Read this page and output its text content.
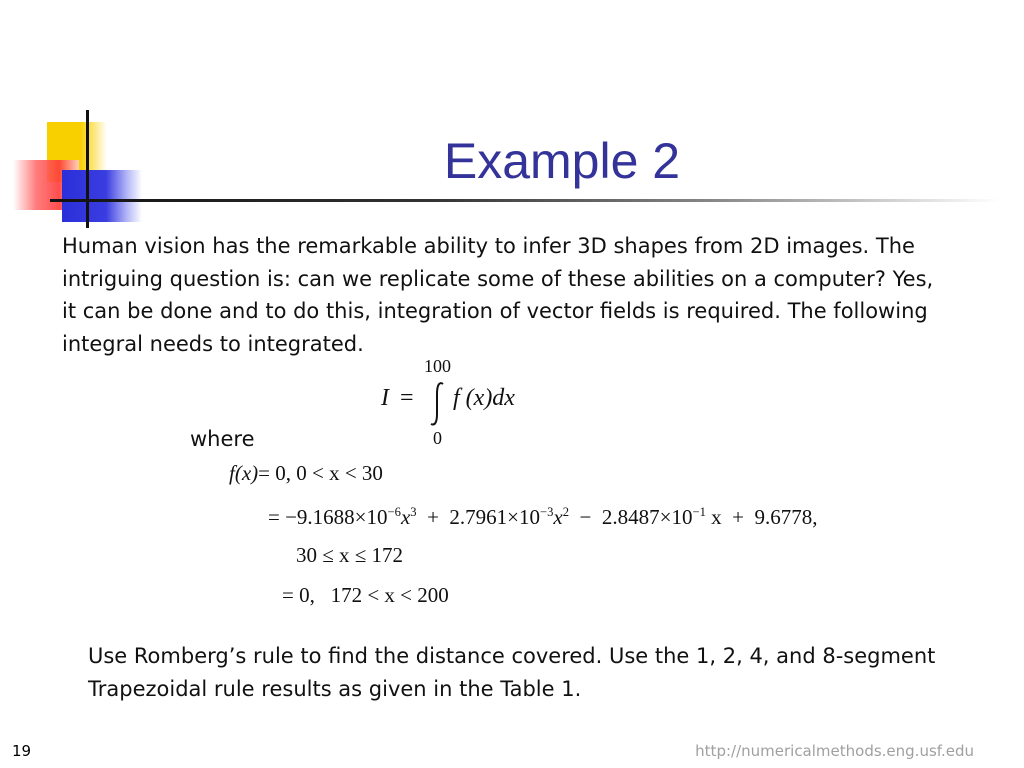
Example 2

Human vision has the remarkable ability to infer 3D shapes from 2D images. The intriguing question is: can we replicate some of these abilities on a computer? Yes, it can be done and to do this, integration of vector fields is required. The following integral needs to integrated.

I =
100
0
f (x)dx
where
f(x)= 0, 0 < x < 30
= $-9.1688\times 10^{-6}x^3 + 2.7961\times 10^{-3}x^2 - 2.8487\times 10^{-1}$ x  +  9.6778,
30 ≤ x ≤ 172
= 0,   172 < x < 200

Use Romberg’s rule to find the distance covered. Use the 1, 2, 4, and 8-segment Trapezoidal rule results as given in the Table 1.

19	http://numericalmethods.eng.usf.edu
